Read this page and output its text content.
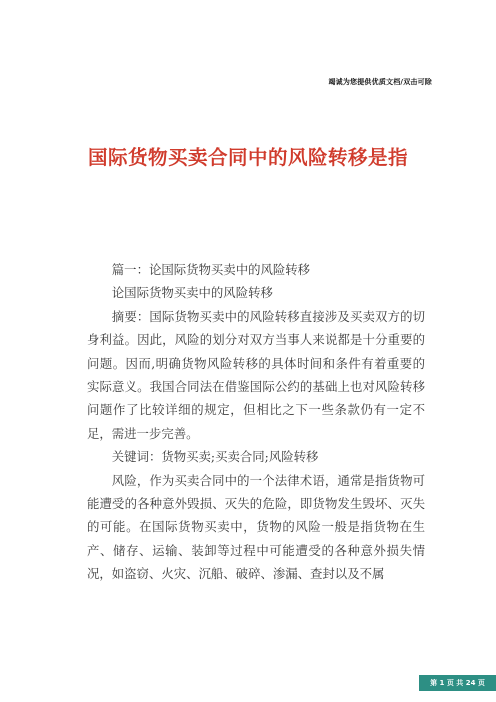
竭诚为您提供优质文档/双击可除
国际货物买卖合同中的风险转移是指

篇一：论国际货物买卖中的风险转移

论国际货物买卖中的风险转移

摘要：国际货物买卖中的风险转移直接涉及买卖双方的切身利益。因此，风险的划分对双方当事人来说都是十分重要的问题。因而,明确货物风险转移的具体时间和条件有着重要的实际意义。我国合同法在借鉴国际公约的基础上也对风险转移问题作了比较详细的规定，但相比之下一些条款仍有一定不足，需进一步完善。

关键词：货物买卖;买卖合同;风险转移

风险，作为买卖合同中的一个法律术语，通常是指货物可能遭受的各种意外毁损、灭失的危险，即货物发生毁坏、灭失的可能。在国际货物买卖中，货物的风险一般是指货物在生产、储存、运输、装卸等过程中可能遭受的各种意外损失情况，如盗窃、火灾、沉船、破碎、渗漏、查封以及不属

第 1 页 共 24 页
